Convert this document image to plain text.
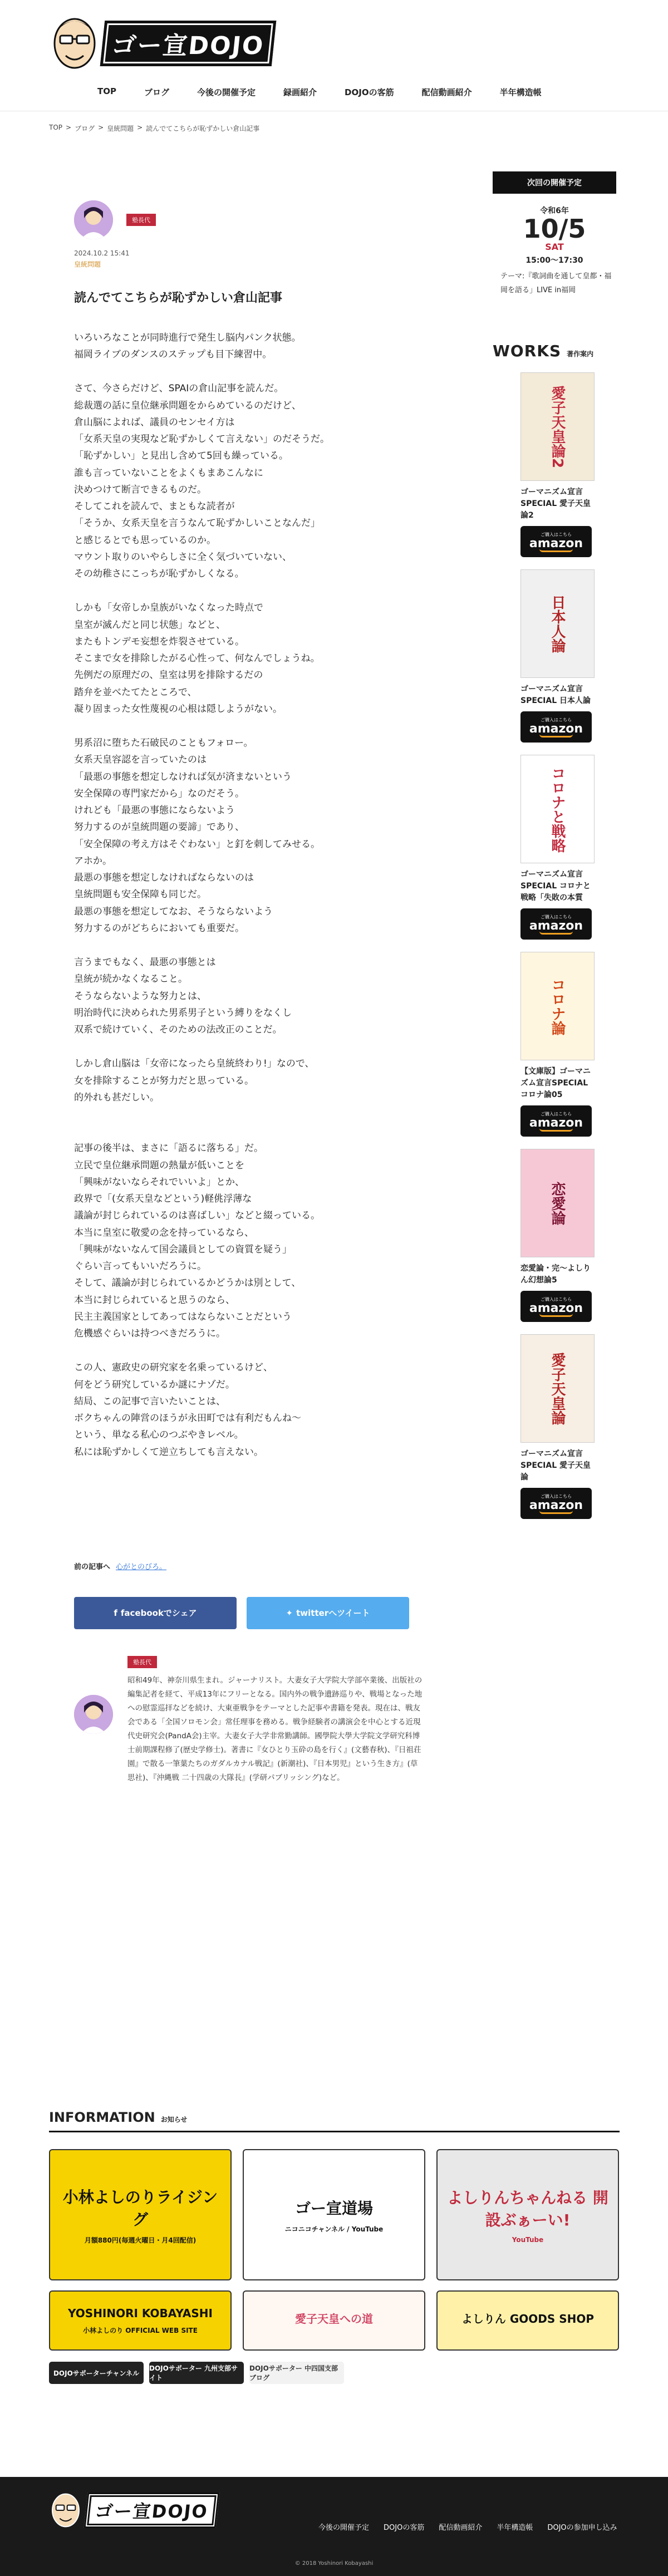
ゴー宣DOJO
TOP	ブログ	今後の開催予定	録画紹介	DOJOの客筋	配信動画紹介	半年構造帳
TOP > ブログ > 皇統問題 > 読んでてこちらが恥ずかしい倉山記事
塾長代
2024.10.2 15:41
皇統問題
読んでてこちらが恥ずかしい倉山記事

いろいろなことが同時進行で発生し脳内パンク状態。
福岡ライブのダンスのステップも目下練習中。

さて、今さらだけど、SPAIの倉山記事を読んだ。
総裁選の話に皇位継承問題をからめているのだけど、
倉山脳によれば、議員のセンセイ方は
「女系天皇の実現など恥ずかしくて言えない」のだそうだ。
「恥ずかしい」と見出し含めて5回も繰っている。
誰も言っていないことをよくもまあこんなに
決めつけて断言できるものだ。
そしてこれを読んで、まともな読者が
「そうか、女系天皇を言うなんて恥ずかしいことなんだ」
と感じるとでも思っているのか。
マウント取りのいやらしさに全く気づいていない、
その幼稚さにこっちが恥ずかしくなる。

しかも「女帝しか皇族がいなくなった時点で
皇室が滅んだと同じ状態」などと、
またもトンデモ妄想を炸裂させている。
そこまで女を排除したがる心性って、何なんでしょうね。
先例だの原理だの、皇室は男を排除するだの
踏弁を並べたてたところで、
凝り固まった女性蔑視の心根は隠しようがない。

男系沼に堕ちた石破民のこともフォロー。
女系天皇容認を言っていたのは
「最悪の事態を想定しなければ気が済まないという
安全保障の専門家だから」なのだそう。
けれども「最悪の事態にならないよう
努力するのが皇統問題の要諦」であり、
「安全保障の考え方はそぐわない」と釘を刺してみせる。
アホか。
最悪の事態を想定しなければならないのは
皇統問題も安全保障も同じだ。
最悪の事態を想定してなお、そうならないよう
努力するのがどちらにおいても重要だ。

言うまでもなく、最悪の事態とは
皇統が続かなくなること。
そうならないような努力とは、
明治時代に決められた男系男子という縛りをなくし
双系で続けていく、そのための法改正のことだ。

しかし倉山脳は「女帝になったら皇統終わり!」なので、
女を排除することが努力だと思っている。
的外れも甚だしい。

記事の後半は、まさに「語るに落ちる」だ。
立民で皇位継承問題の熱量が低いことを
「興味がないならそれでいいよ」とか、
政界で「(女系天皇などという)軽佻浮薄な
議論が封じられているのは喜ばしい」などと綴っている。
本当に皇室に敬愛の念を持っているなら、
「興味がないなんて国会議員としての資質を疑う」
ぐらい言ってもいいだろうに。
そして、議論が封じられているかどうかは別として、
本当に封じられていると思うのなら、
民主主義国家としてあってはならないことだという
危機感ぐらいは持つべきだろうに。

この人、憲政史の研究家を名乗っているけど、
何をどう研究しているか謎にナゾだ。
結局、この記事で言いたいことは、
ボクちゃんの陣営のほうが永田町では有利だもんね〜
という、単なる私心のつぶやきレベル。
私には恥ずかしくて逆立ちしても言えない。

前の記事へ 心がとのびろ。
f facebookでシェア	✦ twitterへツイート
塾長代
昭和49年、神奈川県生まれ。ジャーナリスト。大妻女子大学院大学部卒業後、出版社の編集記者を経て、平成13年にフリーとなる。国内外の戦争遺跡巡りや、戦場となった地への慰霊巡拝などを続け、大東亜戦争をテーマとした記事や書籍を発表。現在は、戦友会である「全国ソロモン会」常任理事を務める。戦争経験者の講演会を中心とする近現代史研究会(PandA会)主宰。大妻女子大学非常勤講師。國學院大學大学院文学研究科博士前期課程修了(歴史学修士)。著書に『女ひとり玉砕の島を行く』(文藝春秋)、『日祖荘園』で散る一筆葉たちのガダルカナル戦記』(新潮社)、『日本男児』という生き方』(草思社)、『沖縄戦 二十四歳の大隊長』(学研パブリッシング)など。
次回の開催予定
令和6年
10/5
SAT
15:00〜17:30
テーマ:『歌詞曲を通して皇都・福岡を語る」LIVE in福岡
WORKS 著作案内
愛子天皇論2
ゴーマニズム宣言SPECIAL 愛子天皇論2
ご購入はこちら
amazon
日本人論
ゴーマニズム宣言SPECIAL 日本人論
ご購入はこちら
amazon
コロナと戦略
ゴーマニズム宣言SPECIAL コロナと戦略「失敗の本質
ご購入はこちら
amazon
コロナ論
【文庫版】ゴーマニズム宣言SPECIAL コロナ論05
ご購入はこちら
amazon
恋愛論
恋愛論・完〜よしりん幻想論5
ご購入はこちら
amazon
愛子天皇論
ゴーマニズム宣言SPECIAL 愛子天皇論
ご購入はこちら
amazon
INFORMATION お知らせ
小林よしのりライジング
月額880円(毎週火曜日・月4回配信)
ゴー宣道場
ニコニコチャンネル / YouTube
よしりんちゃんねる 開設ぶぁーい!
YouTube
YOSHINORI KOBAYASHI
小林よしのり OFFICIAL WEB SITE
愛子天皇への道	よしりん GOODS SHOP
DOJOサポーターチャンネル
DOJOサポーター 九州支部サイト
DOJOサポーター 中四国支部ブログ
ゴー宣DOJO
今後の開催予定 DOJOの客筋 配信動画紹介 半年構造帳 DOJOの参加申し込み
© 2018 Yoshinori Kobayashi
